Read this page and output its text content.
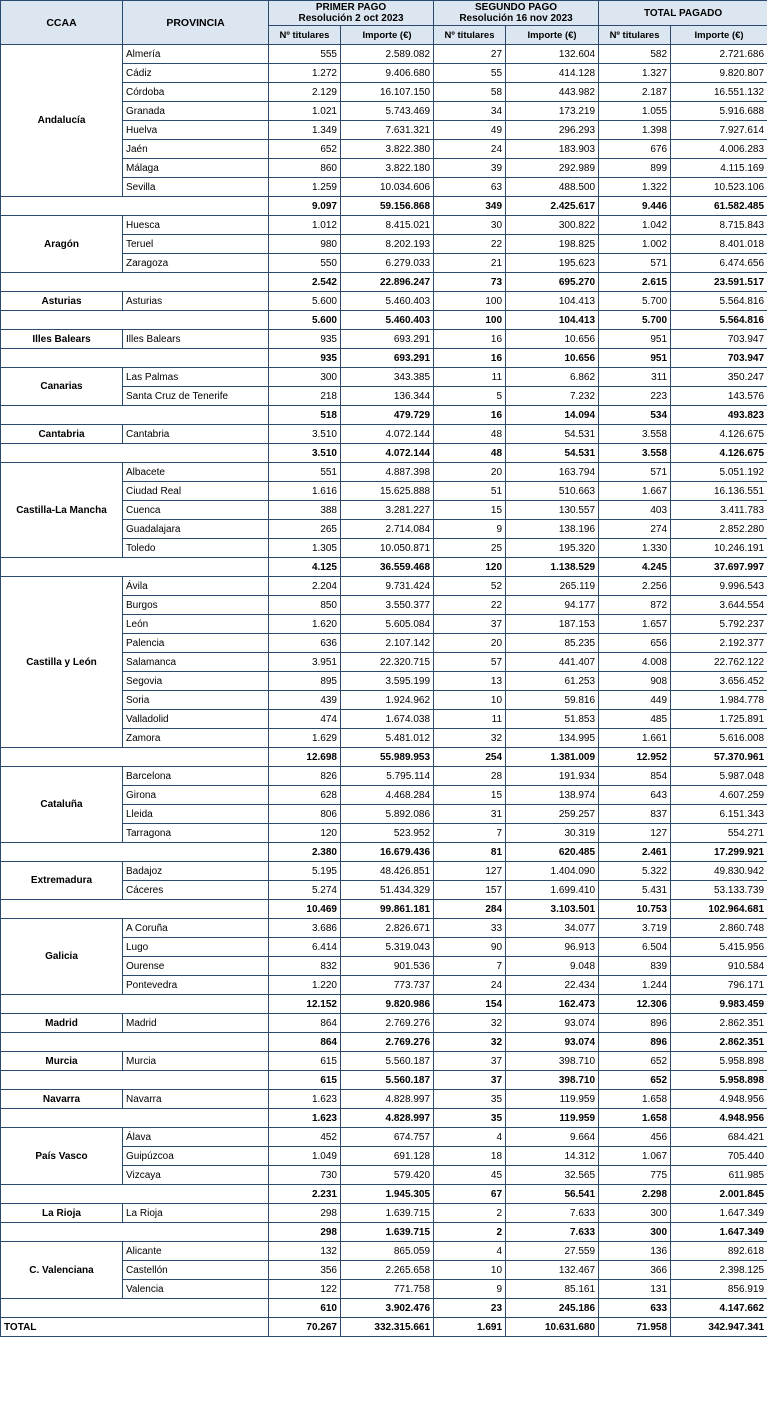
CCAA	PROVINCIA	
PRIMER PAGO
Resolución 2 oct 2023

SEGUNDO PAGO
Resolución 16 nov 2023	TOTAL PAGADO

		Nº titulares	Importe (€)	Nº titulares	Importe (€)	Nº titulares	Importe (€)
Andalucía	Almería	555	2.589.082	27	132.604	582	2.721.686
	Cádiz	1.272	9.406.680	55	414.128	1.327	9.820.807
	Córdoba	2.129	16.107.150	58	443.982	2.187	16.551.132
	Granada	1.021	5.743.469	34	173.219	1.055	5.916.688
	Huelva	1.349	7.631.321	49	296.293	1.398	7.927.614
	Jaén	652	3.822.380	24	183.903	676	4.006.283
	Málaga	860	3.822.180	39	292.989	899	4.115.169
	Sevilla	1.259	10.034.606	63	488.500	1.322	10.523.106
		9.097	59.156.868	349	2.425.617	9.446	61.582.485
Aragón	Huesca	1.012	8.415.021	30	300.822	1.042	8.715.843
	Teruel	980	8.202.193	22	198.825	1.002	8.401.018
	Zaragoza	550	6.279.033	21	195.623	571	6.474.656
		2.542	22.896.247	73	695.270	2.615	23.591.517
Asturias	Asturias	5.600	5.460.403	100	104.413	5.700	5.564.816
		5.600	5.460.403	100	104.413	5.700	5.564.816
Illes Balears	Illes Balears	935	693.291	16	10.656	951	703.947
		935	693.291	16	10.656	951	703.947
Canarias	Las Palmas	300	343.385	11	6.862	311	350.247
	Santa Cruz de Tenerife	218	136.344	5	7.232	223	143.576
		518	479.729	16	14.094	534	493.823
Cantabria	Cantabria	3.510	4.072.144	48	54.531	3.558	4.126.675
		3.510	4.072.144	48	54.531	3.558	4.126.675
Castilla-La Mancha	Albacete	551	4.887.398	20	163.794	571	5.051.192
	Ciudad Real	1.616	15.625.888	51	510.663	1.667	16.136.551
	Cuenca	388	3.281.227	15	130.557	403	3.411.783
	Guadalajara	265	2.714.084	9	138.196	274	2.852.280
	Toledo	1.305	10.050.871	25	195.320	1.330	10.246.191
		4.125	36.559.468	120	1.138.529	4.245	37.697.997
Castilla y León	Ávila	2.204	9.731.424	52	265.119	2.256	9.996.543
	Burgos	850	3.550.377	22	94.177	872	3.644.554
	León	1.620	5.605.084	37	187.153	1.657	5.792.237
	Palencia	636	2.107.142	20	85.235	656	2.192.377
	Salamanca	3.951	22.320.715	57	441.407	4.008	22.762.122
	Segovia	895	3.595.199	13	61.253	908	3.656.452
	Soria	439	1.924.962	10	59.816	449	1.984.778
	Valladolid	474	1.674.038	11	51.853	485	1.725.891
	Zamora	1.629	5.481.012	32	134.995	1.661	5.616.008
		12.698	55.989.953	254	1.381.009	12.952	57.370.961
Cataluña	Barcelona	826	5.795.114	28	191.934	854	5.987.048
	Girona	628	4.468.284	15	138.974	643	4.607.259
	Lleida	806	5.892.086	31	259.257	837	6.151.343
	Tarragona	120	523.952	7	30.319	127	554.271
		2.380	16.679.436	81	620.485	2.461	17.299.921
Extremadura	Badajoz	5.195	48.426.851	127	1.404.090	5.322	49.830.942
	Cáceres	5.274	51.434.329	157	1.699.410	5.431	53.133.739
		10.469	99.861.181	284	3.103.501	10.753	102.964.681
Galicia	A Coruña	3.686	2.826.671	33	34.077	3.719	2.860.748
	Lugo	6.414	5.319.043	90	96.913	6.504	5.415.956
	Ourense	832	901.536	7	9.048	839	910.584
	Pontevedra	1.220	773.737	24	22.434	1.244	796.171
		12.152	9.820.986	154	162.473	12.306	9.983.459
Madrid	Madrid	864	2.769.276	32	93.074	896	2.862.351
		864	2.769.276	32	93.074	896	2.862.351
Murcia	Murcia	615	5.560.187	37	398.710	652	5.958.898
		615	5.560.187	37	398.710	652	5.958.898
Navarra	Navarra	1.623	4.828.997	35	119.959	1.658	4.948.956
		1.623	4.828.997	35	119.959	1.658	4.948.956
País Vasco	Álava	452	674.757	4	9.664	456	684.421
	Guipúzcoa	1.049	691.128	18	14.312	1.067	705.440
	Vizcaya	730	579.420	45	32.565	775	611.985
		2.231	1.945.305	67	56.541	2.298	2.001.845
La Rioja	La Rioja	298	1.639.715	2	7.633	300	1.647.349
		298	1.639.715	2	7.633	300	1.647.349
C. Valenciana	Alicante	132	865.059	4	27.559	136	892.618
	Castellón	356	2.265.658	10	132.467	366	2.398.125
	Valencia	122	771.758	9	85.161	131	856.919
		610	3.902.476	23	245.186	633	4.147.662
TOTAL		70.267	332.315.661	1.691	10.631.680	71.958	342.947.341
